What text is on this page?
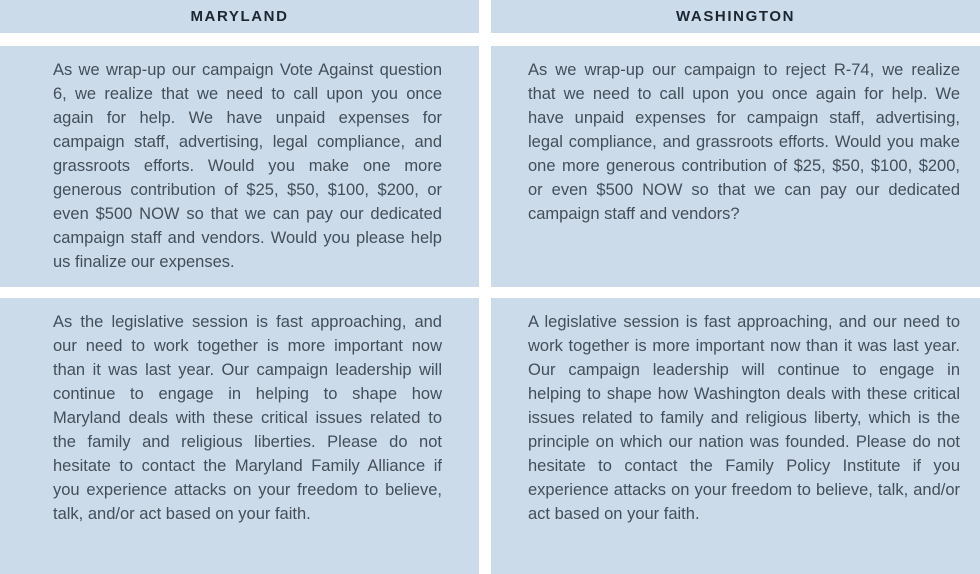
MARYLAND	WASHINGTON
As we wrap-up our campaign Vote Against question 6, we realize that we need to call upon you once again for help. We have unpaid expenses for campaign staff, advertising, legal compliance, and grassroots efforts. Would you make one more generous contribution of $25, $50, $100, $200, or even $500 NOW so that we can pay our dedicated campaign staff and vendors. Would you please help us finalize our expenses.
As we wrap-up our campaign to reject R-74, we realize that we need to call upon you once again for help. We have unpaid expenses for campaign staff, advertising, legal compliance, and grassroots efforts. Would you make one more generous contribution of $25, $50, $100, $200, or even $500 NOW so that we can pay our dedicated campaign staff and vendors?
As the legislative session is fast approaching, and our need to work together is more important now than it was last year. Our campaign leadership will continue to engage in helping to shape how Maryland deals with these critical issues related to the family and religious liberties. Please do not hesitate to contact the Maryland Family Alliance if you experience attacks on your freedom to believe, talk, and/or act based on your faith.
A legislative session is fast approaching, and our need to work together is more important now than it was last year. Our campaign leadership will continue to engage in helping to shape how Washington deals with these critical issues related to family and religious liberty, which is the principle on which our nation was founded. Please do not hesitate to contact the Family Policy Institute if you experience attacks on your freedom to believe, talk, and/or act based on your faith.
